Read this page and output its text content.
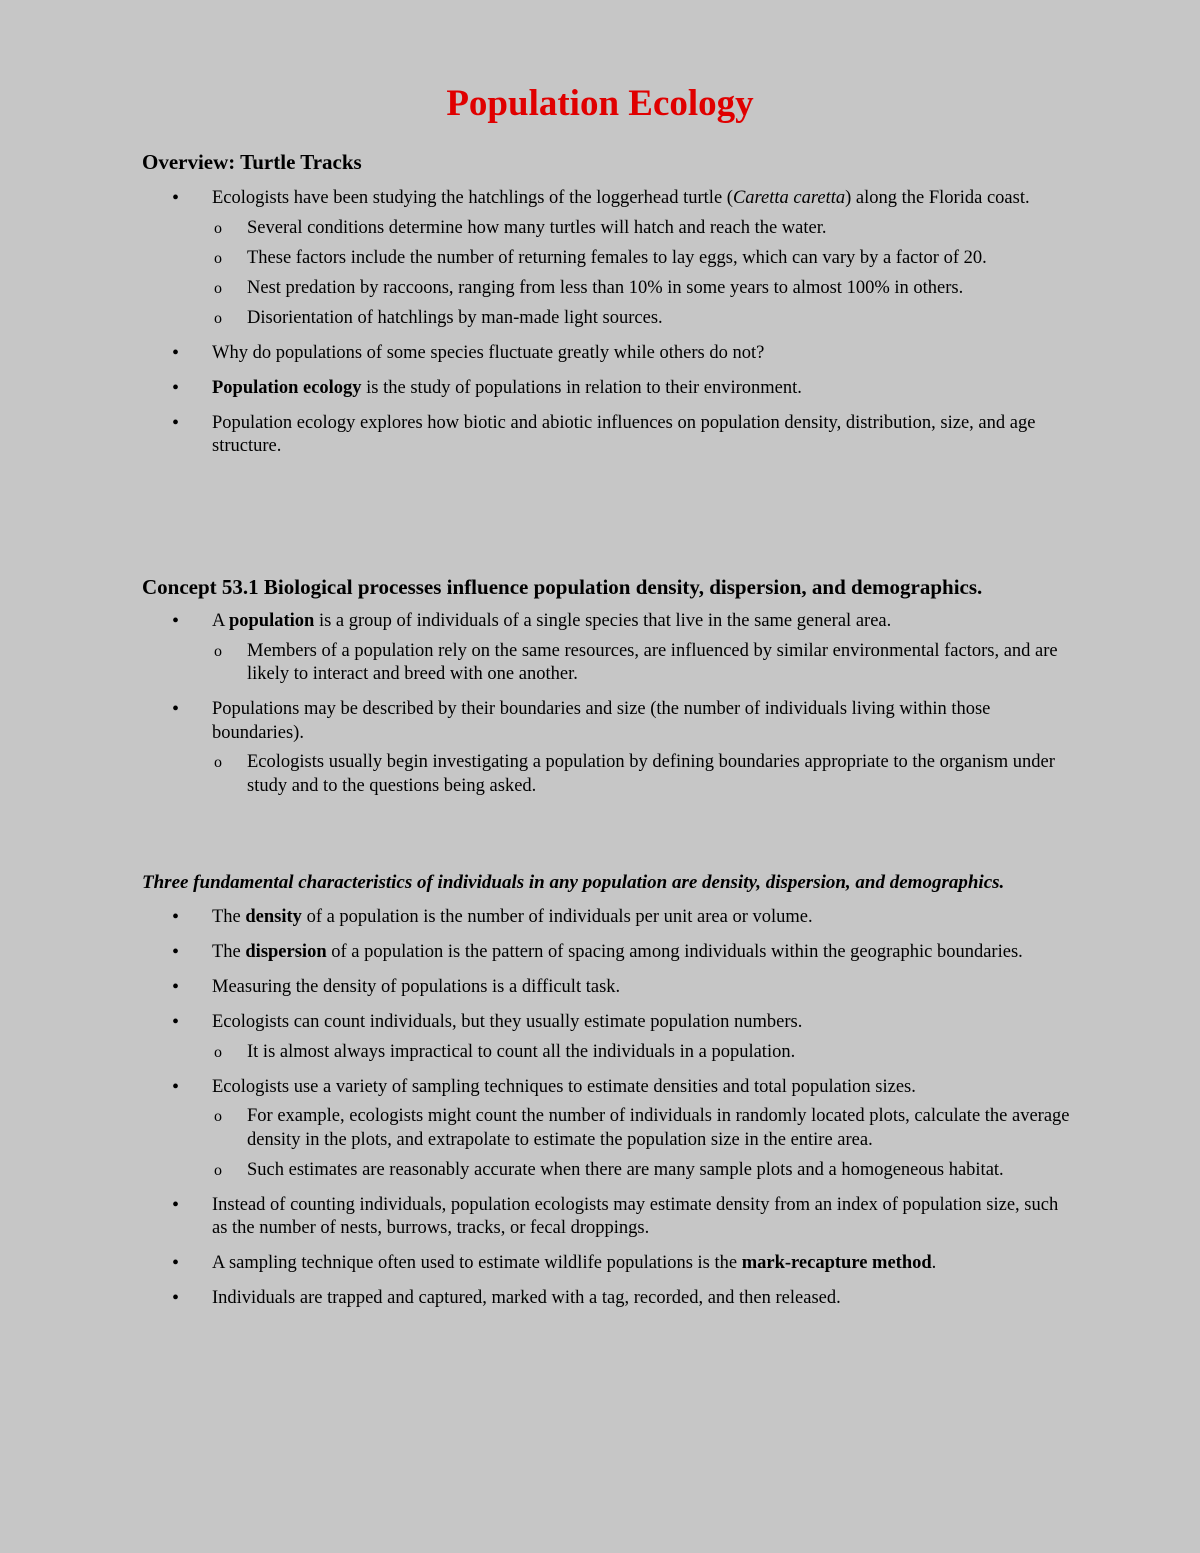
Population Ecology

Overview: Turtle Tracks

• Ecologists have been studying the hatchlings of the loggerhead turtle (Caretta caretta) along the Florida coast.
o Several conditions determine how many turtles will hatch and reach the water.
o These factors include the number of returning females to lay eggs, which can vary by a factor of 20.
o Nest predation by raccoons, ranging from less than 10% in some years to almost 100% in others.
o Disorientation of hatchlings by man-made light sources.
• Why do populations of some species fluctuate greatly while others do not?
• Population ecology is the study of populations in relation to their environment.
• Population ecology explores how biotic and abiotic influences on population density, distribution, size, and age structure.

Concept 53.1 Biological processes influence population density, dispersion, and demographics.

• A population is a group of individuals of a single species that live in the same general area.
o Members of a population rely on the same resources, are influenced by similar environmental factors, and are likely to interact and breed with one another.
• Populations may be described by their boundaries and size (the number of individuals living within those boundaries).
o Ecologists usually begin investigating a population by defining boundaries appropriate to the organism under study and to the questions being asked.

Three fundamental characteristics of individuals in any population are density, dispersion, and demographics.

• The density of a population is the number of individuals per unit area or volume.
• The dispersion of a population is the pattern of spacing among individuals within the geographic boundaries.
• Measuring the density of populations is a difficult task.
• Ecologists can count individuals, but they usually estimate population numbers.
o It is almost always impractical to count all the individuals in a population.
• Ecologists use a variety of sampling techniques to estimate densities and total population sizes.
o For example, ecologists might count the number of individuals in randomly located plots, calculate the average density in the plots, and extrapolate to estimate the population size in the entire area.
o Such estimates are reasonably accurate when there are many sample plots and a homogeneous habitat.
• Instead of counting individuals, population ecologists may estimate density from an index of population size, such as the number of nests, burrows, tracks, or fecal droppings.
• A sampling technique often used to estimate wildlife populations is the mark-recapture method.
• Individuals are trapped and captured, marked with a tag, recorded, and then released.
